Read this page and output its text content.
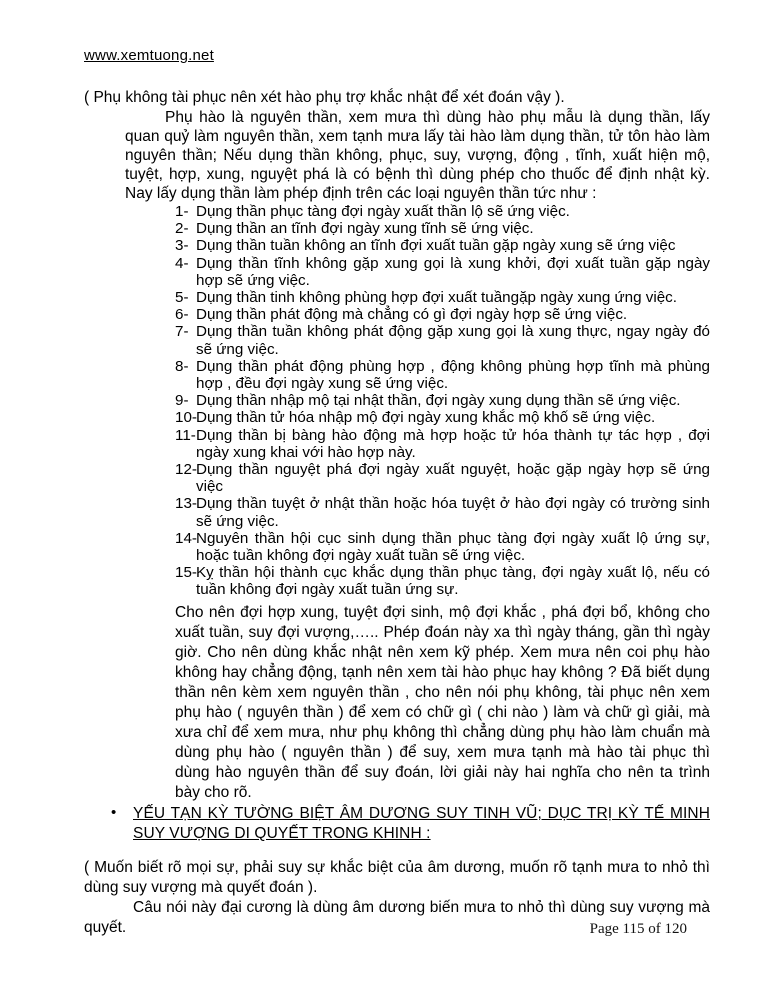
www.xemtuong.net
( Phụ không tài phục nên xét hào phụ trợ khắc nhật để xét đoán vậy ).
Phụ hào là nguyên thần, xem mưa thì dùng hào phụ mẫu là dụng thần, lấy quan quỷ làm nguyên thần, xem tạnh mưa lấy tài hào làm dụng thần, tử tôn hào làm nguyên thần; Nếu dụng thần không, phục, suy, vượng, động , tĩnh, xuất hiện mộ, tuyệt, hợp, xung, nguyệt phá là có bệnh thì dùng phép cho thuốc để định nhật kỳ. Nay lấy dụng thần làm phép định trên các loại nguyên thần tức như :
1- Dụng thần phục tàng đợi ngày xuất thần lộ sẽ ứng việc.
2- Dụng thần an tĩnh đợi ngày xung tĩnh sẽ ứng việc.
3- Dụng thần tuần không an tĩnh đợi xuất tuần gặp ngày xung sẽ ứng việc
4- Dụng thần tĩnh không gặp xung gọi là xung khởi, đợi xuất tuần gặp ngày hợp sẽ ứng việc.
5- Dụng thần tinh không phùng hợp đợi xuất tuầngặp ngày xung ứng việc.
6- Dụng thần phát động mà chẳng có gì đợi ngày hợp sẽ ứng việc.
7- Dụng thần tuần không phát động gặp xung gọi là xung thực, ngay ngày đó sẽ ứng việc.
8- Dụng thần phát động phùng hợp , động không phùng hợp tĩnh mà phùng hợp , đều đợi ngày xung sẽ ứng việc.
9- Dụng thần nhập mộ tại nhật thần, đợi ngày xung dụng thần sẽ ứng việc.
10- Dụng thần tử hóa nhập mộ đợi ngày xung khắc mộ khố sẽ ứng việc.
11- Dụng thần bị bàng hào động mà hợp hoặc tử hóa thành tự tác hợp , đợi ngày xung khai với hào hợp này.
12- Dụng thần nguyệt phá đợi ngày xuất nguyệt, hoặc gặp ngày hợp sẽ ứng việc
13- Dụng thần tuyệt ở nhật thần hoặc hóa tuyệt ở hào đợi ngày có trường sinh sẽ ứng việc.
14- Nguyên thần hội cục sinh dụng thần phục tàng đợi ngày xuất lộ ứng sự, hoặc tuần không đợi ngày xuất tuần sẽ ứng việc.
15- Kỵ thần hội thành cục khắc dụng thần phục tàng, đợi ngày xuất lộ, nếu có tuần không đợi ngày xuất tuần ứng sự.
Cho nên đợi hợp xung, tuyệt đợi sinh, mộ đợi khắc , phá đợi bổ, không cho xuất tuần, suy đợi vượng,….. Phép đoán này xa thì ngày tháng, gần thì ngày giờ. Cho nên dùng khắc nhật nên xem kỹ phép. Xem mưa nên coi phụ hào không hay chẳng động, tạnh nên xem tài hào phục hay không ? Đã biết dụng thần nên kèm xem nguyên thần , cho nên nói phụ không, tài phục nên xem phụ hào ( nguyên thần ) để xem có chữ gì ( chi nào ) làm và chữ gì giải, mà xưa chỉ để xem mưa, như phụ không thì chẳng dùng phụ hào làm chuẩn mà dùng phụ hào ( nguyên thần ) để suy, xem mưa tạnh mà hào tài phục thì dùng hào nguyên thần để suy đoán, lời giải này hai nghĩa cho nên ta trình bày cho rõ.
• YẾU TẠN KỲ TƯỜNG BIỆT ÂM DƯƠNG SUY TINH VŨ; DỤC TRỊ KỲ TẾ MINH SUY VƯỢNG DI QUYẾT TRONG KHINH :
( Muốn biết rõ mọi sự, phải suy sự khắc biệt của âm dương, muốn rõ tạnh mưa to nhỏ thì dùng suy vượng mà quyết đoán ).
Câu nói này đại cương là dùng âm dương biến mưa to nhỏ thì dùng suy vượng mà quyết.	Page 115 of 120
